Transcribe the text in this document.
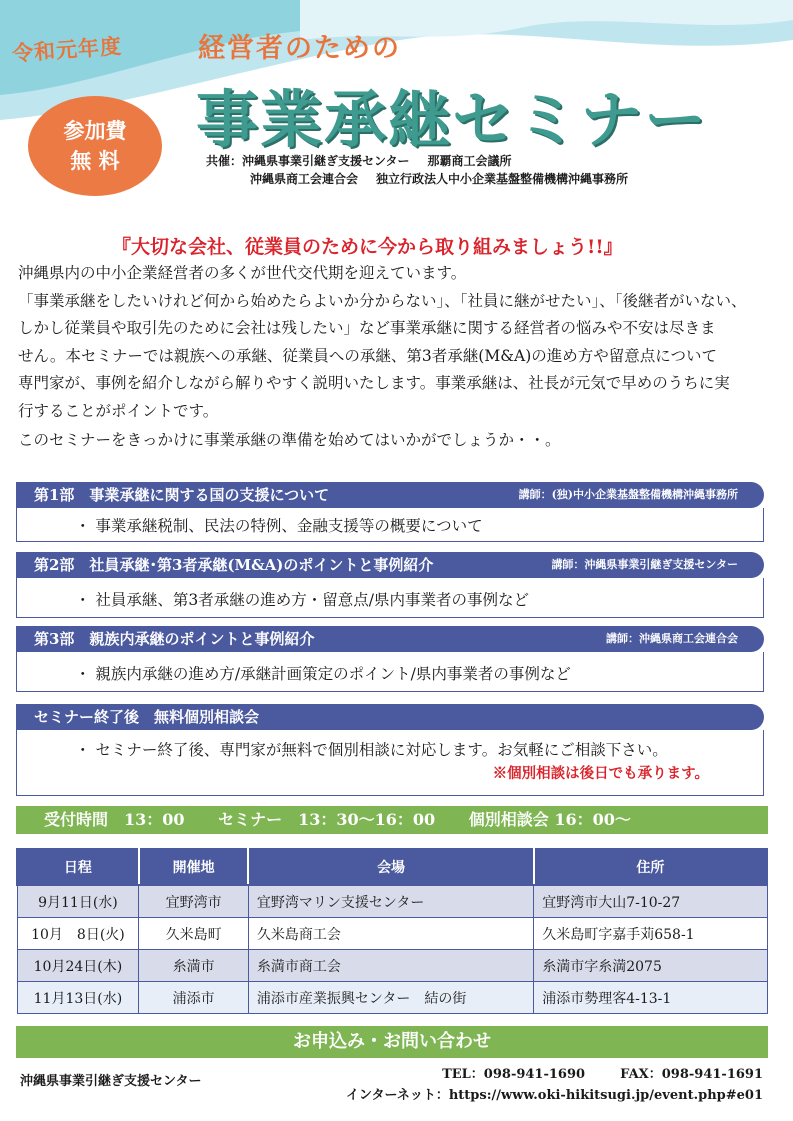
令和元年度	経営者のための
事業承継セミナー
参加費
無 料	共催：沖縄県事業引継ぎ支援センター 那覇商工会議所
沖縄県商工会連合会 独立行政法人中小企業基盤整備機構沖縄事務所
『大切な会社、従業員のために今から取り組みましょう!!』

沖縄県内の中小企業経営者の多くが世代交代期を迎えています。

「事業承継をしたいけれど何から始めたらよいか分からない」、「社員に継がせたい」、「後継者がいない、

しかし従業員や取引先のために会社は残したい」など事業承継に関する経営者の悩みや不安は尽きま

せん。本セミナーでは親族への承継、従業員への承継、第3者承継(M&A)の進め方や留意点について

専門家が、事例を紹介しながら解りやすく説明いたします。事業承継は、社長が元気で早めのうちに実

行することがポイントです。

このセミナーをきっかけに事業承継の準備を始めてはいかがでしょうか・・。

第1部　事業承継に関する国の支援について	講師：(独)中小企業基盤整備機構沖縄事務所
・ 事業承継税制、民法の特例、金融支援等の概要について
第2部　社員承継･第3者承継(M&A)のポイントと事例紹介	講師：沖縄県事業引継ぎ支援センター
・ 社員承継、第3者承継の進め方・留意点/県内事業者の事例など
第3部　親族内承継のポイントと事例紹介	講師：沖縄県商工会連合会
・ 親族内承継の進め方/承継計画策定のポイント/県内事業者の事例など
セミナー終了後　無料個別相談会
・ セミナー終了後、専門家が無料で個別相談に対応します。お気軽にご相談下さい。
※個別相談は後日でも承ります。
受付時間　13：00 セミナー　13：30～16：00 個別相談会 16：00～
日程	開催地	会場	住所
9月11日(水)	宜野湾市	宜野湾マリン支援センター	宜野湾市大山7-10-27
10月　8日(火)	久米島町	久米島商工会	久米島町字嘉手苅658-1
10月24日(木)	糸満市	糸満市商工会	糸満市字糸満2075
11月13日(水)	浦添市	浦添市産業振興センター　結の街	浦添市勢理客4-13-1
お申込み・お問い合わせ
沖縄県事業引継ぎ支援センター	TEL：098-941-1690	FAX：098-941-1691
インターネット：https://www.oki-hikitsugi.jp/event.php#e01
